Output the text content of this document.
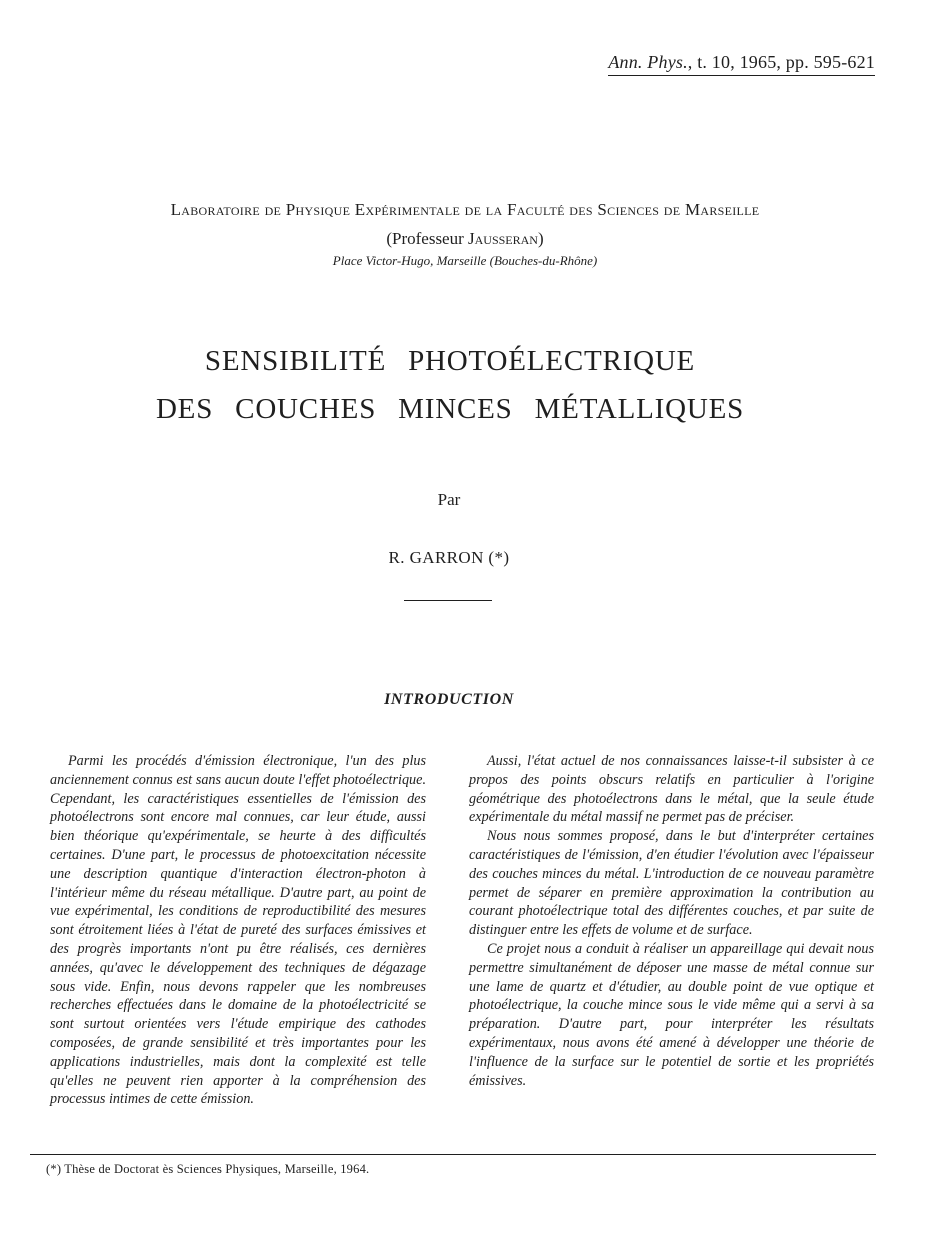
Ann. Phys., t. 10, 1965, pp. 595-621
Laboratoire de Physique Expérimentale de la Faculté des Sciences de Marseille
(Professeur Jausseran)
Place Victor-Hugo, Marseille (Bouches-du-Rhône)
SENSIBILITÉ PHOTOÉLECTRIQUE
DES COUCHES MINCES MÉTALLIQUES
Par
R. GARRON (*)
INTRODUCTION

Parmi les procédés d'émission électronique, l'un des plus anciennement connus est sans aucun doute l'effet photoélectrique. Cependant, les caractéristiques essentielles de l'émission des photoélectrons sont encore mal connues, car leur étude, aussi bien théorique qu'expérimentale, se heurte à des difficultés certaines. D'une part, le processus de photoexcitation nécessite une description quantique d'interaction électron-photon à l'intérieur même du réseau métallique. D'autre part, au point de vue expérimental, les conditions de reproductibilité des mesures sont étroitement liées à l'état de pureté des surfaces émissives et des progrès importants n'ont pu être réalisés, ces dernières années, qu'avec le développement des techniques de dégazage sous vide. Enfin, nous devons rappeler que les nombreuses recherches effectuées dans le domaine de la photoélectricité se sont surtout orientées vers l'étude empirique des cathodes composées, de grande sensibilité et très importantes pour les applications industrielles, mais dont la complexité est telle qu'elles ne peuvent rien apporter à la compréhension des processus intimes de cette émission.

Aussi, l'état actuel de nos connaissances laisse-t-il subsister à ce propos des points obscurs relatifs en particulier à l'origine géométrique des photoélectrons dans le métal, que la seule étude expérimentale du métal massif ne permet pas de préciser.

Nous nous sommes proposé, dans le but d'interpréter certaines caractéristiques de l'émission, d'en étudier l'évolution avec l'épaisseur des couches minces du métal. L'introduction de ce nouveau paramètre permet de séparer en première approximation la contribution au courant photoélectrique total des différentes couches, et par suite de distinguer entre les effets de volume et de surface.

Ce projet nous a conduit à réaliser un appareillage qui devait nous permettre simultanément de déposer une masse de métal connue sur une lame de quartz et d'étudier, au double point de vue optique et photoélectrique, la couche mince sous le vide même qui a servi à sa préparation. D'autre part, pour interpréter les résultats expérimentaux, nous avons été amené à développer une théorie de l'influence de la surface sur le potentiel de sortie et les propriétés émissives.

(*) Thèse de Doctorat ès Sciences Physiques, Marseille, 1964.
